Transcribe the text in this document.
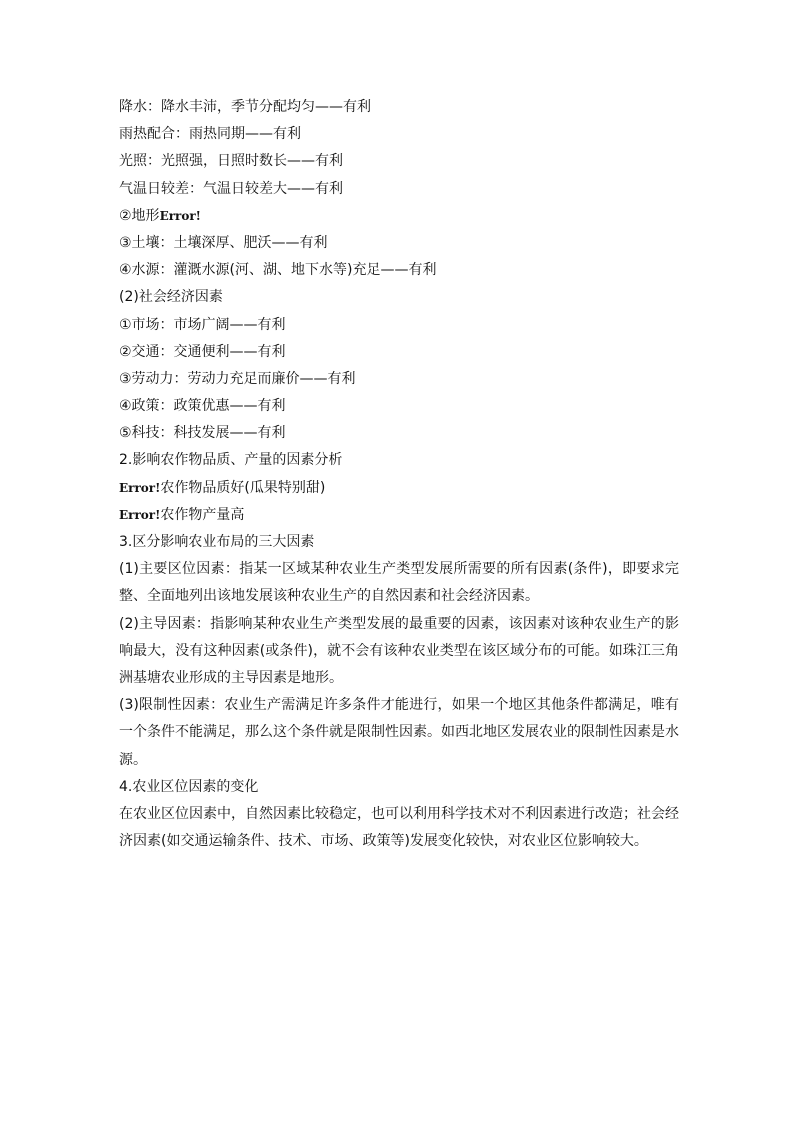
降水：降水丰沛，季节分配均匀——有利
雨热配合：雨热同期——有利
光照：光照强，日照时数长——有利
气温日较差：气温日较差大——有利
②地形Error!
③土壤：土壤深厚、肥沃——有利
④水源：灌溉水源(河、湖、地下水等)充足——有利
(2)社会经济因素
①市场：市场广阔——有利
②交通：交通便利——有利
③劳动力：劳动力充足而廉价——有利
④政策：政策优惠——有利
⑤科技：科技发展——有利
2.影响农作物品质、产量的因素分析
Error!农作物品质好(瓜果特别甜)
Error!农作物产量高
3.区分影响农业布局的三大因素
(1)主要区位因素：指某一区域某种农业生产类型发展所需要的所有因素(条件)，即要求完整、全面地列出该地发展该种农业生产的自然因素和社会经济因素。
(2)主导因素：指影响某种农业生产类型发展的最重要的因素，该因素对该种农业生产的影响最大，没有这种因素(或条件)，就不会有该种农业类型在该区域分布的可能。如珠江三角洲基塘农业形成的主导因素是地形。
(3)限制性因素：农业生产需满足许多条件才能进行，如果一个地区其他条件都满足，唯有一个条件不能满足，那么这个条件就是限制性因素。如西北地区发展农业的限制性因素是水源。
4.农业区位因素的变化
在农业区位因素中，自然因素比较稳定，也可以利用科学技术对不利因素进行改造；社会经济因素(如交通运输条件、技术、市场、政策等)发展变化较快，对农业区位影响较大。
